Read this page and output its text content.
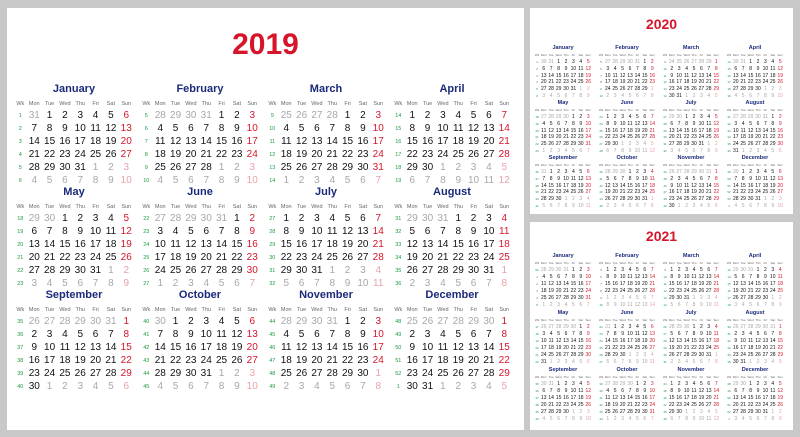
2019
January
Wk Mon Tue Wed Thu	Fri	Sat	Sun
1 31 1 2 3 4 5 6
2 7 8 9 10 11 12 13
3 14 15 16 17 18 19 20
4 21 22 23 24 25 26 27
5 28 29 30 31 1 2 3
6 4 5 6 7 8 9 10
February
Wk Mon Tue Wed Thu	Fri	Sat	Sun
5 28 29 30 31 1 2 3
6 4 5 6 7 8 9 10
7 11 12 13 14 15 16 17
8 18 19 20 21 22 23 24
9 25 26 27 28 1 2 3
10 4 5 6 7 8 9 10
March
Wk Mon Tue Wed Thu	Fri	Sat	Sun
9 25 26 27 28 1 2 3
10 4 5 6 7 8 9 10
11 11 12 13 14 15 16 17
12 18 19 20 21 22 23 24
13 25 26 27 28 29 30 31
14 1 2 3 4 5 6 7
April
Wk Mon Tue Wed Thu	Fri	Sat	Sun
14 1 2 3 4 5 6 7
15 8 9 10 11 12 13 14
16 15 16 17 18 19 20 21
17 22 23 24 25 26 27 28
18 29 30 1 2 3 4 5
19 6 7 8 9 10 11 12
May
Wk Mon Tue Wed Thu	Fri	Sat	Sun
18 29 30 1 2 3 4 5
19 6 7 8 9 10 11 12
20 13 14 15 16 17 18 19
21 20 21 22 23 24 25 26
22 27 28 29 30 31 1 2
23 3 4 5 6 7 8 9
June
Wk Mon Tue Wed Thu	Fri	Sat	Sun
22 27 28 29 30 31 1 2
23 3 4 5 6 7 8 9
24 10 11 12 13 14 15 16
25 17 18 19 20 21 22 23
26 24 25 26 27 28 29 30
27 1 2 3 4 5 6 7
July
Wk Mon Tue Wed Thu	Fri	Sat	Sun
27 1 2 3 4 5 6 7
28 8 9 10 11 12 13 14
29 15 16 17 18 19 20 21
30 22 23 24 25 26 27 28
31 29 30 31 1 2 3 4
32 5 6 7 8 9 10 11
August
Wk Mon Tue Wed Thu	Fri	Sat	Sun
31 29 30 31 1 2 3 4
32 5 6 7 8 9 10 11
33 12 13 14 15 16 17 18
34 19 20 21 22 23 24 25
35 26 27 28 29 30 31 1
36 2 3 4 5 6 7 8
September
Wk Mon Tue Wed Thu	Fri	Sat	Sun
35 26 27 28 29 30 31 1
36 2 3 4 5 6 7 8
37 9 10 11 12 13 14 15
38 16 17 18 19 20 21 22
39 23 24 25 26 27 28 29
40 30 1 2 3 4 5 6
October
Wk Mon Tue Wed Thu	Fri	Sat	Sun
40 30 1 2 3 4 5 6
41 7 8 9 10 11 12 13
42 14 15 16 17 18 19 20
43 21 22 23 24 25 26 27
44 28 29 30 31 1 2 3
45 4 5 6 7 8 9 10
November
Wk Mon Tue Wed Thu	Fri	Sat	Sun
44 28 29 30 31 1 2 3
45 4 5 6 7 8 9 10
46 11 12 13 14 15 16 17
47 18 19 20 21 22 23 24
48 25 26 27 28 29 30 1
49 2 3 4 5 6 7 8
December
Wk Mon Tue Wed Thu	Fri	Sat	Sun
48 25 26 27 28 29 30 1
49 2 3 4 5 6 7 8
50 9 10 11 12 13 14 15
51 16 17 18 19 20 21 22
52 23 24 25 26 27 28 29
1 30 31 1 2 3 4 5
2020
January
Wk Mon Tue Wed Thu	Fri	Sat Sun
1 30 31 1 2 3 4 5
2 6 7 8 9 10 11 12
3 13 14 15 16 17 18 19
4 20 21 22 23 24 25 26
5 27 28 29 30 31 1 2
6 3 4 5 6 7 8 9
February
Wk Mon Tue Wed Thu	Fri	Sat Sun
5 27 28 29 30 31 1 2
6 3 4 5 6 7 8 9
7 10 11 12 13 14 15 16
8 17 18 19 20 21 22 23
9 24 25 26 27 28 29 1
10 2 3 4 5 6 7 8
March
Wk Mon Tue Wed Thu	Fri	Sat Sun
9 24 25 26 27 28 29 1
10 2 3 4 5 6 7 8
11 9 10 11 12 13 14 15
12 16 17 18 19 20 21 22
13 23 24 25 26 27 28 29
14 30 31 1 2 3 4 5
April
Wk Mon Tue Wed Thu	Fri	Sat Sun
14 30 31 1 2 3 4 5
15 6 7 8 9 10 11 12
16 13 14 15 16 17 18 19
17 20 21 22 23 24 25 26
18 27 28 29 30 1 2 3
19 4 5 6 7 8 9 10
May
Wk Mon Tue Wed Thu	Fri	Sat Sun
18 27 28 29 30 1 2 3
19 4 5 6 7 8 9 10
20 11 12 13 14 15 16 17
21 18 19 20 21 22 23 24
22 25 26 27 28 29 30 31
23 1 2 3 4 5 6 7
June
Wk Mon Tue Wed Thu	Fri	Sat Sun
23 1 2 3 4 5 6 7
24 8 9 10 11 12 13 14
25 15 16 17 18 19 20 21
26 22 23 24 25 26 27 28
27 29 30 1 2 3 4 5
28 6 7 8 9 10 11 12
July
Wk Mon Tue Wed Thu	Fri	Sat Sun
27 29 30 1 2 3 4 5
28 6 7 8 9 10 11 12
29 13 14 15 16 17 18 19
30 20 21 22 23 24 25 26
31 27 28 29 30 31 1 2
32 3 4 5 6 7 8 9
August
Wk Mon Tue Wed Thu	Fri	Sat Sun
31 27 28 29 30 31 1 2
32 3 4 5 6 7 8 9
33 10 11 12 13 14 15 16
34 17 18 19 20 21 22 23
35 24 25 26 27 28 29 30
36 31 1 2 3 4 5 6
September
Wk Mon Tue Wed Thu	Fri	Sat Sun
36 31 1 2 3 4 5 6
37 7 8 9 10 11 12 13
38 14 15 16 17 18 19 20
39 21 22 23 24 25 26 27
40 28 29 30 1 2 3 4
41 5 6 7 8 9 10 11
October
Wk Mon Tue Wed Thu	Fri	Sat Sun
40 28 29 30 1 2 3 4
41 5 6 7 8 9 10 11
42 12 13 14 15 16 17 18
43 19 20 21 22 23 24 25
44 26 27 28 29 30 31 1
45 2 3 4 5 6 7 8
November
Wk Mon Tue Wed Thu	Fri	Sat Sun
44 26 27 28 29 30 31 1
45 2 3 4 5 6 7 8
46 9 10 11 12 13 14 15
47 16 17 18 19 20 21 22
48 23 24 25 26 27 28 29
49 30 1 2 3 4 5 6
December
Wk Mon Tue Wed Thu	Fri	Sat Sun
49 30 1 2 3 4 5 6
50 7 8 9 10 11 12 13
51 14 15 16 17 18 19 20
52 21 22 23 24 25 26 27
53 28 29 30 31 1 2 3
1 4 5 6 7 8 9 10
2021
January
Wk Mon Tue Wed Thu	Fri	Sat Sun
53 28 29 30 31 1 2 3
1 4 5 6 7 8 9 10
2 11 12 13 14 15 16 17
3 18 19 20 21 22 23 24
4 25 26 27 28 29 30 31
5 1 2 3 4 5 6 7
February
Wk Mon Tue Wed Thu	Fri	Sat Sun
5 1 2 3 4 5 6 7
6 8 9 10 11 12 13 14
7 15 16 17 18 19 20 21
8 22 23 24 25 26 27 28
9 1 2 3 4 5 6 7
10 8 9 10 11 12 13 14
March
Wk Mon Tue Wed Thu	Fri	Sat Sun
9 1 2 3 4 5 6 7
10 8 9 10 11 12 13 14
11 15 16 17 18 19 20 21
12 22 23 24 25 26 27 28
13 29 30 31 1 2 3 4
14 5 6 7 8 9 10 11
April
Wk Mon Tue Wed Thu	Fri	Sat Sun
13 29 30 31 1 2 3 4
14 5 6 7 8 9 10 11
15 12 13 14 15 16 17 18
16 19 20 21 22 23 24 25
17 26 27 28 29 30 1 2
18 3 4 5 6 7 8 9
May
Wk Mon Tue Wed Thu	Fri	Sat Sun
17 26 27 28 29 30 1 2
18 3 4 5 6 7 8 9
19 10 11 12 13 14 15 16
20 17 18 19 20 21 22 23
21 24 25 26 27 28 29 30
22 31 1 2 3 4 5 6
June
Wk Mon Tue Wed Thu	Fri	Sat Sun
22 31 1 2 3 4 5 6
23 7 8 9 10 11 12 13
24 14 15 16 17 18 19 20
25 21 22 23 24 25 26 27
26 28 29 30 1 2 3 4
27 5 6 7 8 9 10 11
July
Wk Mon Tue Wed Thu	Fri	Sat Sun
26 28 29 30 1 2 3 4
27 5 6 7 8 9 10 11
28 12 13 14 15 16 17 18
29 19 20 21 22 23 24 25
30 26 27 28 29 30 31 1
31 2 3 4 5 6 7 8
August
Wk Mon Tue Wed Thu	Fri	Sat Sun
30 26 27 28 29 30 31 1
31 2 3 4 5 6 7 8
32 9 10 11 12 13 14 15
33 16 17 18 19 20 21 22
34 23 24 25 26 27 28 29
35 30 31 1 2 3 4 5
September
Wk Mon Tue Wed Thu	Fri	Sat Sun
35 30 31 1 2 3 4 5
36 6 7 8 9 10 11 12
37 13 14 15 16 17 18 19
38 20 21 22 23 24 25 26
39 27 28 29 30 1 2 3
40 4 5 6 7 8 9 10
October
Wk Mon Tue Wed Thu	Fri	Sat Sun
39 27 28 29 30 1 2 3
40 4 5 6 7 8 9 10
41 11 12 13 14 15 16 17
42 18 19 20 21 22 23 24
43 25 26 27 28 29 30 31
44 1 2 3 4 5 6 7
November
Wk Mon Tue Wed Thu	Fri	Sat Sun
44 1 2 3 4 5 6 7
45 8 9 10 11 12 13 14
46 15 16 17 18 19 20 21
47 22 23 24 25 26 27 28
48 29 30 1 2 3 4 5
49 6 7 8 9 10 11 12
December
Wk Mon Tue Wed Thu	Fri	Sat Sun
48 29 30 1 2 3 4 5
49 6 7 8 9 10 11 12
50 13 14 15 16 17 18 19
51 20 21 22 23 24 25 26
52 27 28 29 30 31 1 2
1 3 4 5 6 7 8 9
